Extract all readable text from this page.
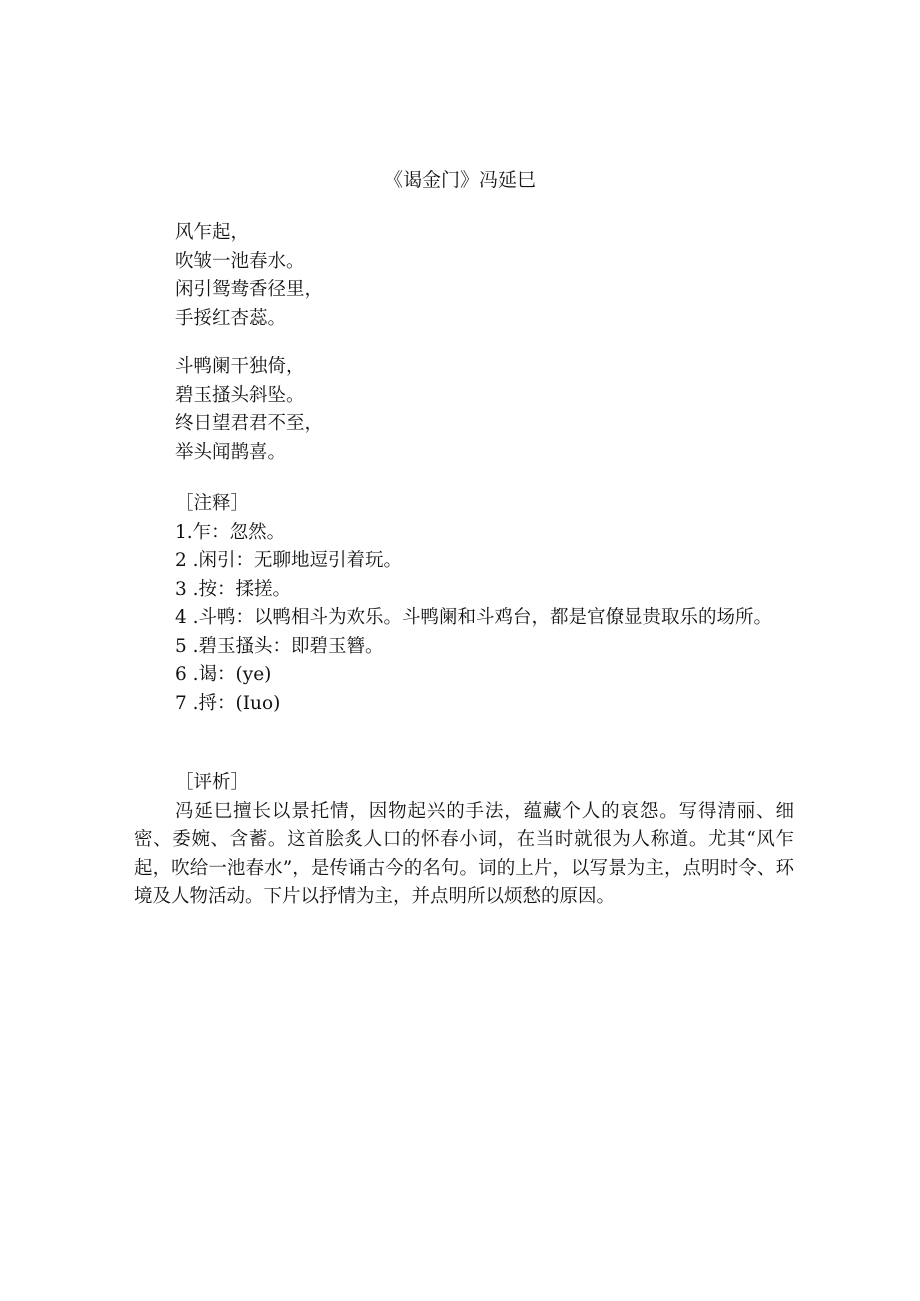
《谒金门》冯延巳
风乍起，
吹皱一池春水。
闲引鸳鸯香径里，
手挼红杏蕊。
斗鸭阑干独倚，
碧玉搔头斜坠。
终日望君君不至，
举头闻鹊喜。
［注释］
1.乍：忽然。
2 .闲引：无聊地逗引着玩。
3 .按：揉搓。
4 .斗鸭：以鸭相斗为欢乐。斗鸭阑和斗鸡台，都是官僚显贵取乐的场所。
5 .碧玉搔头：即碧玉簪。
6 .谒：(ye)
7 .捋：(Iuo)
［评析］
冯延巳擅长以景托情，因物起兴的手法，蕴藏个人的哀怨。写得清丽、细密、委婉、含蓄。这首脍炙人口的怀春小词，在当时就很为人称道。尤其“风乍起，吹给一池春水”，是传诵古今的名句。词的上片，以写景为主，点明时令、环境及人物活动。下片以抒情为主，并点明所以烦愁的原因。
